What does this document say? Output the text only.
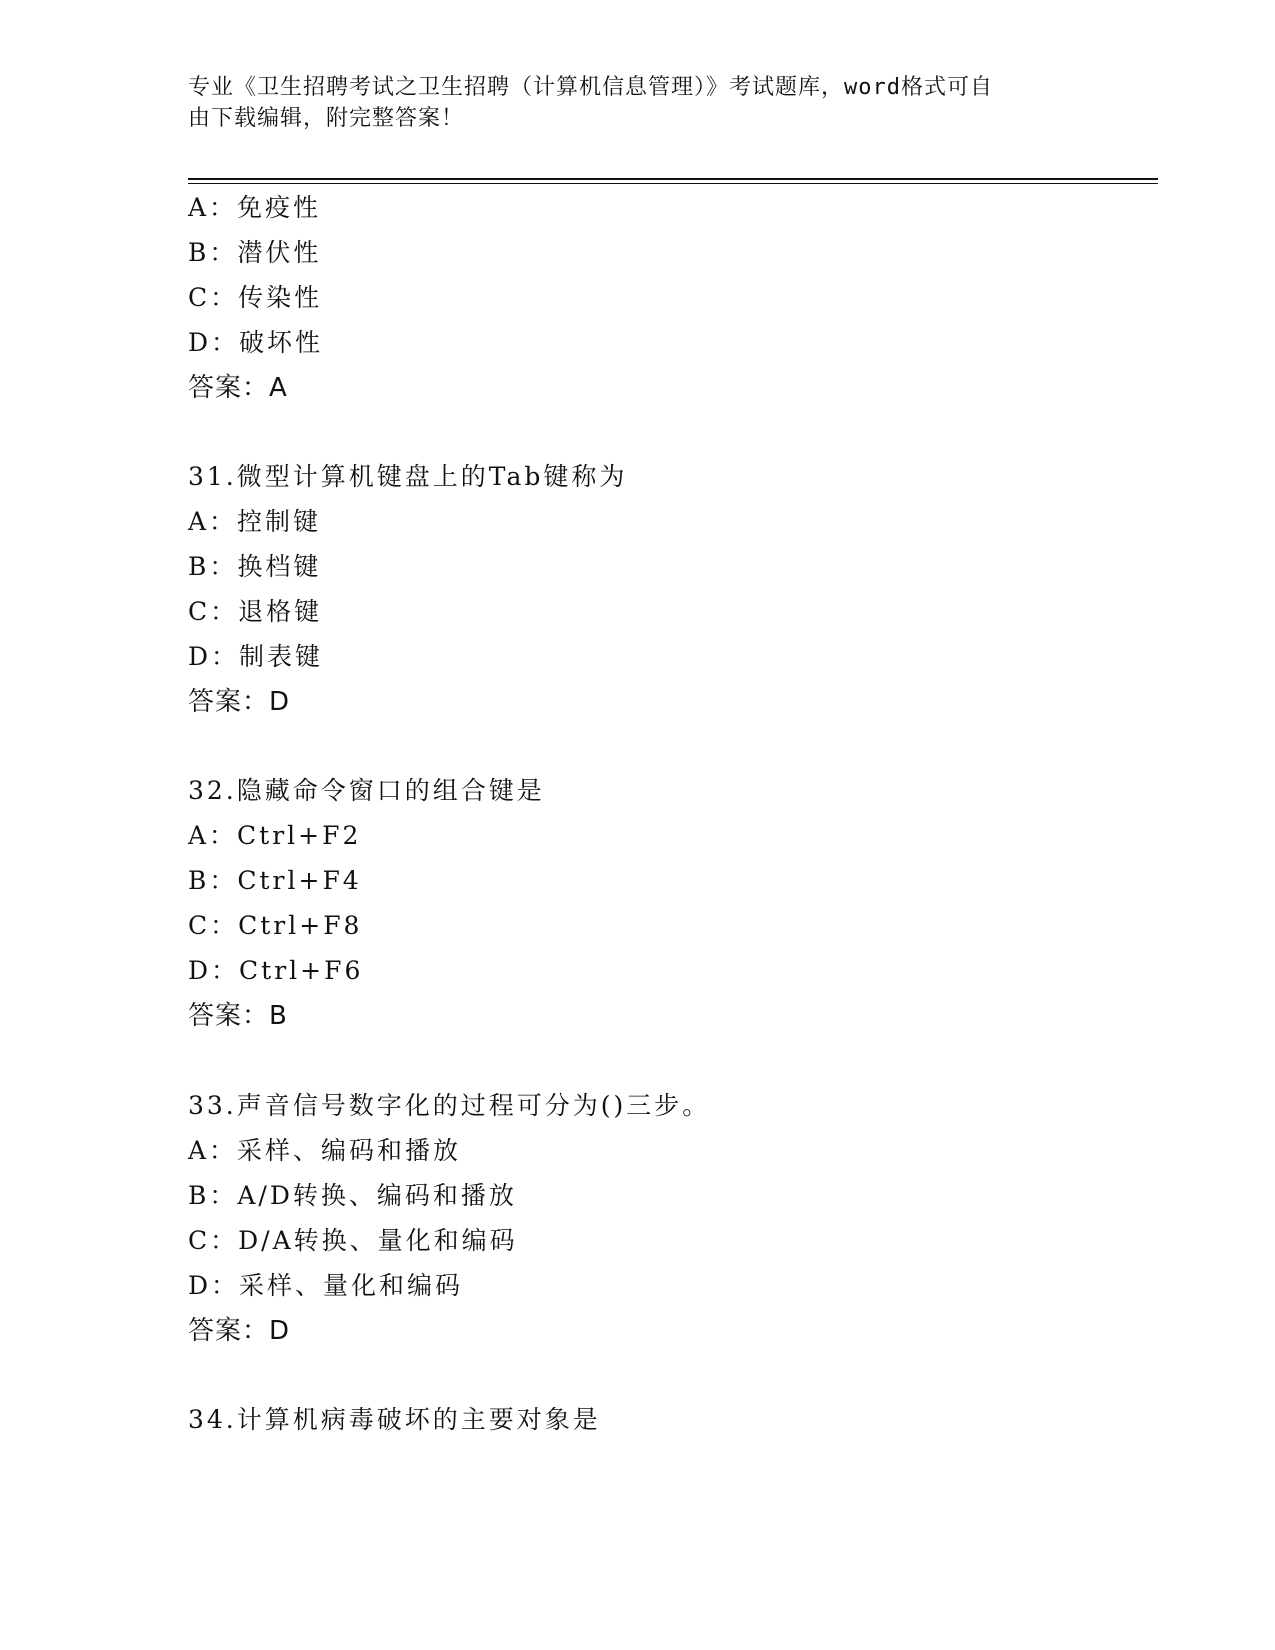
专业《卫生招聘考试之卫生招聘（计算机信息管理）》考试题库，word格式可自
由下载编辑，附完整答案！
A：免疫性
B：潜伏性
C：传染性
D：破坏性
答案：A
31.微型计算机键盘上的Tab键称为
A：控制键
B：换档键
C：退格键
D：制表键
答案：D
32.隐藏命令窗口的组合键是
A：Ctrl+F2
B：Ctrl+F4
C：Ctrl+F8
D：Ctrl+F6
答案：B
33.声音信号数字化的过程可分为()三步。
A：采样、编码和播放
B：A/D转换、编码和播放
C：D/A转换、量化和编码
D：采样、量化和编码
答案：D
34.计算机病毒破坏的主要对象是
